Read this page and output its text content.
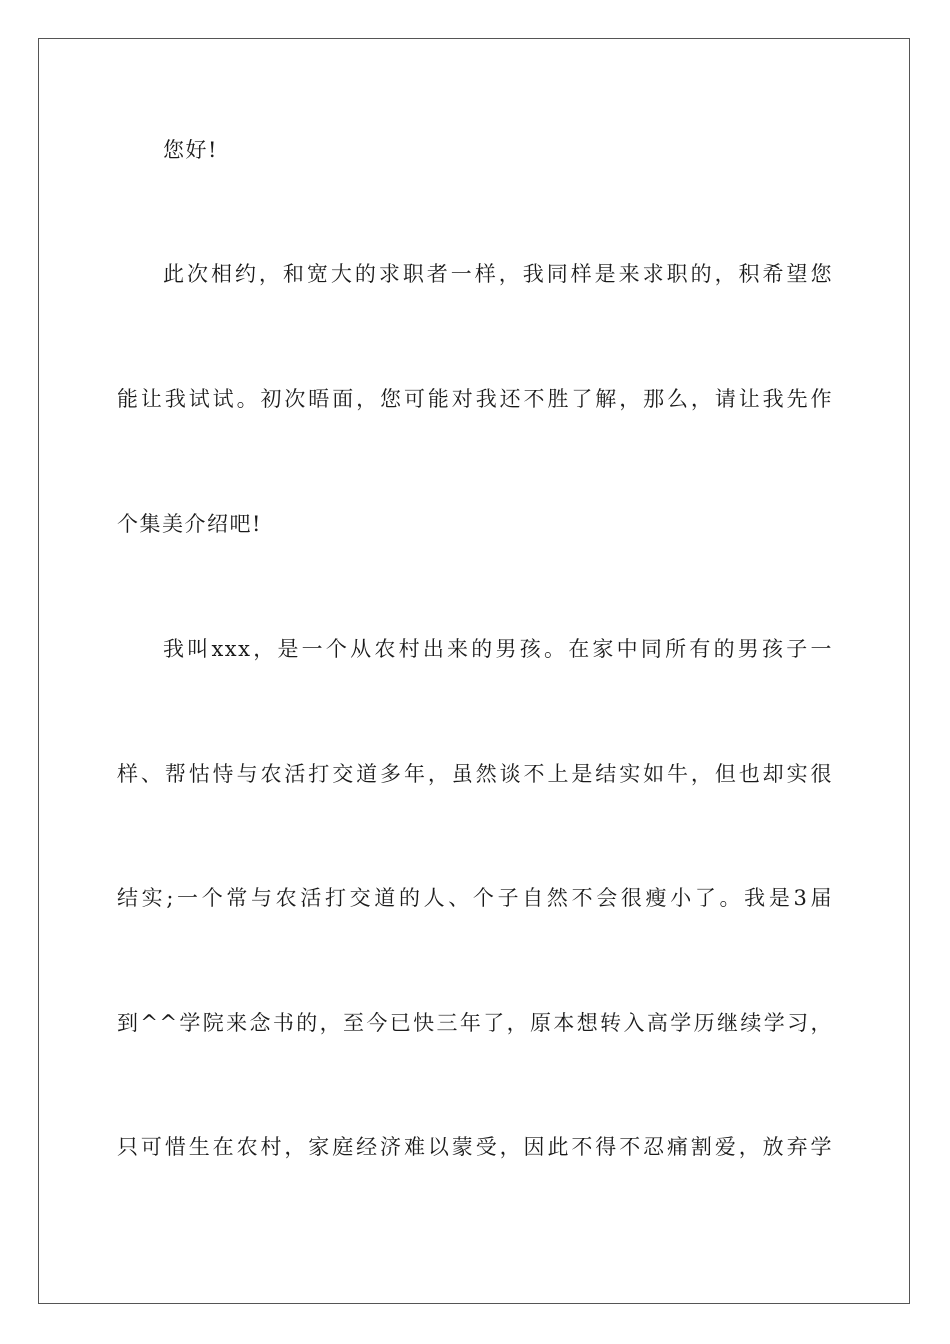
您好!
此次相约，和宽大的求职者一样，我同样是来求职的，积希望您
能让我试试。初次晤面，您可能对我还不胜了解，那么，请让我先作
个集美介绍吧!
我叫xxx，是一个从农村出来的男孩。在家中同所有的男孩子一
样、帮怙恃与农活打交道多年，虽然谈不上是结实如牛，但也却实很
结实;一个常与农活打交道的人、个子自然不会很瘦小了。我是3届
到^^学院来念书的，至今已快三年了，原本想转入高学历继续学习，
只可惜生在农村，家庭经济难以蒙受，因此不得不忍痛割爱，放弃学
